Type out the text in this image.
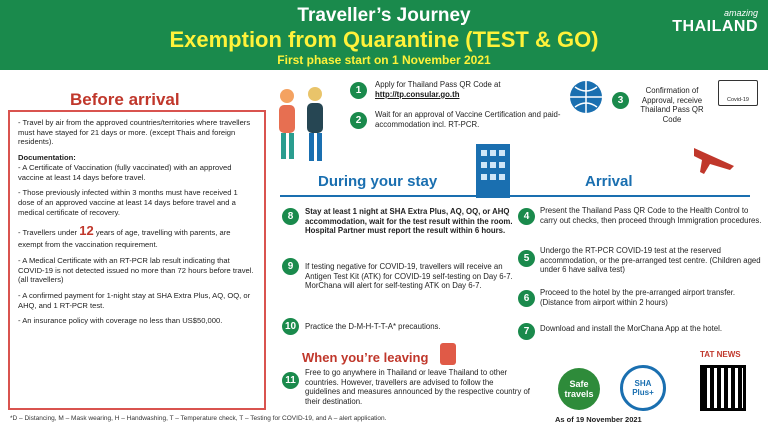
Traveller’s Journey
Exemption from Quarantine (TEST & GO)
First phase start on 1 November 2021
amazing
THAILAND
Before arrival

- Travel by air from the approved countries/territories where travellers must have stayed for 21 days or more. (except Thais and foreign residents).

Documentation:
- A Certificate of Vaccination (fully vaccinated) with an approved vaccine at least 14 days before travel.

- Those previously infected within 3 months must have received 1 dose of an approved vaccine at least 14 days before travel and a medical certificate of recovery.

- Travellers under 12 years of age, travelling with parents, are exempt from the vaccination requirement.

- A Medical Certificate with an RT-PCR lab result indicating that COVID-19 is not detected issued no more than 72 hours before travel. (all travellers)

- A confirmed payment for 1-night stay at SHA Extra Plus, AQ, OQ, or AHQ, and 1 RT-PCR test.

- An insurance policy with coverage no less than US$50,000.

1
Apply for Thailand Pass QR Code at
http://tp.consular.go.th
2
Wait for an approval of Vaccine Certification and paid-accommodation incl. RT-PCR.
3
Confirmation of Approval, receive Thailand Pass QR Code
Covid-19
During your stay	Arrival
8	Stay at least 1 night at SHA Extra Plus, AQ, OQ, or AHQ accommodation, wait for the test result within the room.
Hospital Partner must report the result within 6 hours.
9	If testing negative for COVID-19, travellers will receive an Antigen Test Kit (ATK) for COVID-19 self-testing on Day 6-7.
MorChana will alert for self-testing ATK on Day 6-7.
10	Practice the D-M-H-T-T-A* precautions.
When you’re leaving
11
Free to go anywhere in Thailand or leave Thailand to other countries. However, travellers are advised to follow the guidelines and measures announced by the respective country of their destination.
4
Present the Thailand Pass QR Code to the Health Control to carry out checks, then proceed through Immigration procedures.
5
Undergo the RT-PCR COVID-19 test at the reserved accommodation, or the pre-arranged test centre. (Children aged under 6 have saliva test)
6
Proceed to the hotel by the pre-arranged airport transfer. (Distance from airport within 2 hours)
7	Download and install the MorChana App at the hotel.
Safe travels
SHA Plus+
TAT NEWS
*D – Distancing, M – Mask wearing, H – Handwashing, T – Temperature check, T – Testing for COVID-19, and A – alert application.	As of 19 November 2021
